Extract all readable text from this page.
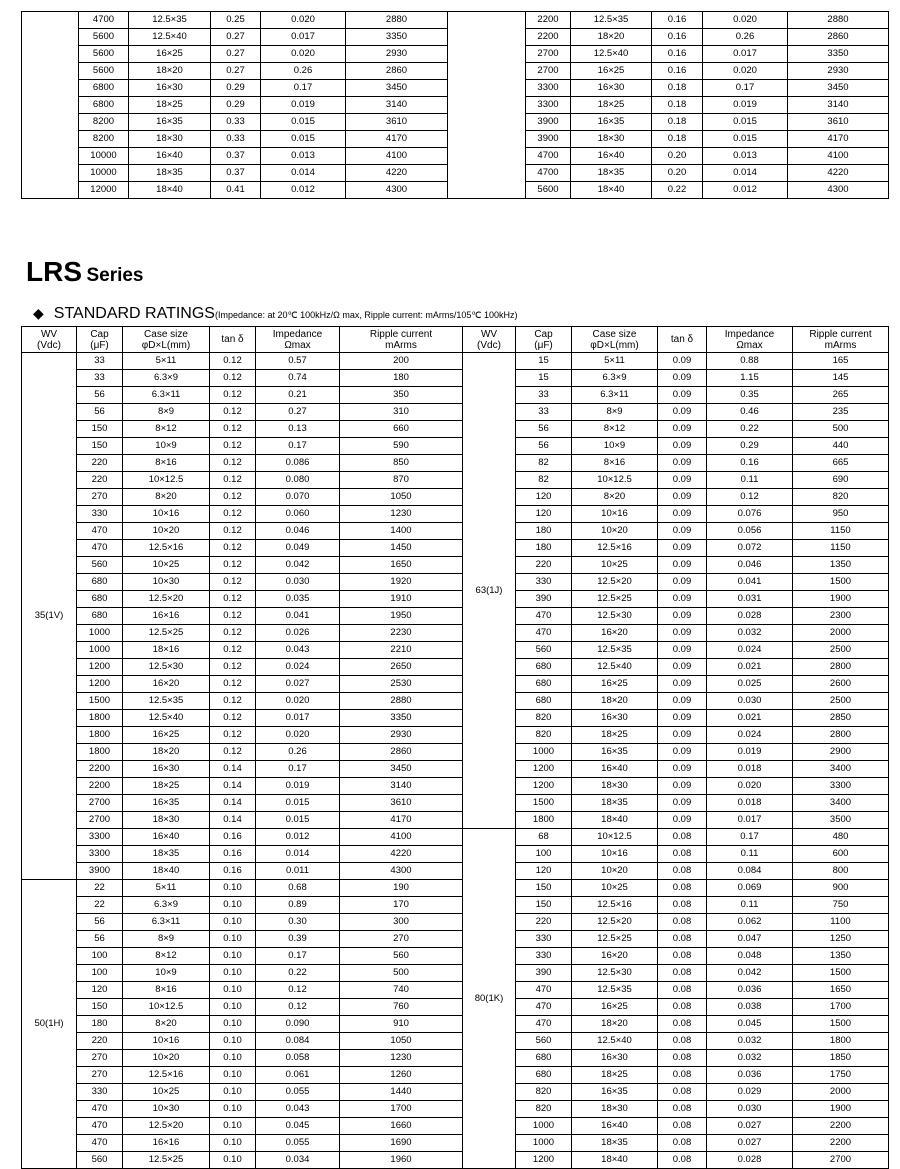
	4700	12.5×35	0.25	0.020	2880
	5600	12.5×40	0.27	0.017	3350
	5600	16×25	0.27	0.020	2930
	5600	18×20	0.27	0.26	2860
	6800	16×30	0.29	0.17	3450
	6800	18×25	0.29	0.019	3140
	8200	16×35	0.33	0.015	3610
	8200	18×30	0.33	0.015	4170
	10000	16×40	0.37	0.013	4100
	10000	18×35	0.37	0.014	4220
	12000	18×40	0.41	0.012	4300
	2200	12.5×35	0.16	0.020	2880
	2200	18×20	0.16	0.26	2860
	2700	12.5×40	0.16	0.017	3350
	2700	16×25	0.16	0.020	2930
	3300	16×30	0.18	0.17	3450
	3300	18×25	0.18	0.019	3140
	3900	16×35	0.18	0.015	3610
	3900	18×30	0.18	0.015	4170
	4700	16×40	0.20	0.013	4100
	4700	18×35	0.20	0.014	4220
	5600	18×40	0.22	0.012	4300
LRS Series
◆ STANDARD RATINGS(Impedance: at 20℃ 100kHz/Ω max, Ripple current: mArms/105℃ 100kHz)
WV
(Vdc)	Cap
(μF)	Case size
φD×L(mm)	tan δ	Impedance
Ωmax	Ripple current
mArms
35(1V)	33	5×11	0.12	0.57	200
	33	6.3×9	0.12	0.74	180
	56	6.3×11	0.12	0.21	350
	56	8×9	0.12	0.27	310
	150	8×12	0.12	0.13	660
	150	10×9	0.12	0.17	590
	220	8×16	0.12	0.086	850
	220	10×12.5	0.12	0.080	870
	270	8×20	0.12	0.070	1050
	330	10×16	0.12	0.060	1230
	470	10×20	0.12	0.046	1400
	470	12.5×16	0.12	0.049	1450
	560	10×25	0.12	0.042	1650
	680	10×30	0.12	0.030	1920
	680	12.5×20	0.12	0.035	1910
	680	16×16	0.12	0.041	1950
	1000	12.5×25	0.12	0.026	2230
	1000	18×16	0.12	0.043	2210
	1200	12.5×30	0.12	0.024	2650
	1200	16×20	0.12	0.027	2530
	1500	12.5×35	0.12	0.020	2880
	1800	12.5×40	0.12	0.017	3350
	1800	16×25	0.12	0.020	2930
	1800	18×20	0.12	0.26	2860
	2200	16×30	0.14	0.17	3450
	2200	18×25	0.14	0.019	3140
	2700	16×35	0.14	0.015	3610
	2700	18×30	0.14	0.015	4170
	3300	16×40	0.16	0.012	4100
	3300	18×35	0.16	0.014	4220
	3900	18×40	0.16	0.011	4300
50(1H)	22	5×11	0.10	0.68	190
	22	6.3×9	0.10	0.89	170
	56	6.3×11	0.10	0.30	300
	56	8×9	0.10	0.39	270
	100	8×12	0.10	0.17	560
	100	10×9	0.10	0.22	500
	120	8×16	0.10	0.12	740
	150	10×12.5	0.10	0.12	760
	180	8×20	0.10	0.090	910
	220	10×16	0.10	0.084	1050
	270	10×20	0.10	0.058	1230
	270	12.5×16	0.10	0.061	1260
	330	10×25	0.10	0.055	1440
	470	10×30	0.10	0.043	1700
	470	12.5×20	0.10	0.045	1660
	470	16×16	0.10	0.055	1690
	560	12.5×25	0.10	0.034	1960
WV
(Vdc)	Cap
(μF)	Case size
φD×L(mm)	tan δ	Impedance
Ωmax	Ripple current
mArms
63(1J)	15	5×11	0.09	0.88	165
	15	6.3×9	0.09	1.15	145
	33	6.3×11	0.09	0.35	265
	33	8×9	0.09	0.46	235
	56	8×12	0.09	0.22	500
	56	10×9	0.09	0.29	440
	82	8×16	0.09	0.16	665
	82	10×12.5	0.09	0.11	690
	120	8×20	0.09	0.12	820
	120	10×16	0.09	0.076	950
	180	10×20	0.09	0.056	1150
	180	12.5×16	0.09	0.072	1150
	220	10×25	0.09	0.046	1350
	330	12.5×20	0.09	0.041	1500
	390	12.5×25	0.09	0.031	1900
	470	12.5×30	0.09	0.028	2300
	470	16×20	0.09	0.032	2000
	560	12.5×35	0.09	0.024	2500
	680	12.5×40	0.09	0.021	2800
	680	16×25	0.09	0.025	2600
	680	18×20	0.09	0.030	2500
	820	16×30	0.09	0.021	2850
	820	18×25	0.09	0.024	2800
	1000	16×35	0.09	0.019	2900
	1200	16×40	0.09	0.018	3400
	1200	18×30	0.09	0.020	3300
	1500	18×35	0.09	0.018	3400
	1800	18×40	0.09	0.017	3500
80(1K)	68	10×12.5	0.08	0.17	480
	100	10×16	0.08	0.11	600
	120	10×20	0.08	0.084	800
	150	10×25	0.08	0.069	900
	150	12.5×16	0.08	0.11	750
	220	12.5×20	0.08	0.062	1100
	330	12.5×25	0.08	0.047	1250
	330	16×20	0.08	0.048	1350
	390	12.5×30	0.08	0.042	1500
	470	12.5×35	0.08	0.036	1650
	470	16×25	0.08	0.038	1700
	470	18×20	0.08	0.045	1500
	560	12.5×40	0.08	0.032	1800
	680	16×30	0.08	0.032	1850
	680	18×25	0.08	0.036	1750
	820	16×35	0.08	0.029	2000
	820	18×30	0.08	0.030	1900
	1000	16×40	0.08	0.027	2200
	1000	18×35	0.08	0.027	2200
	1200	18×40	0.08	0.028	2700
